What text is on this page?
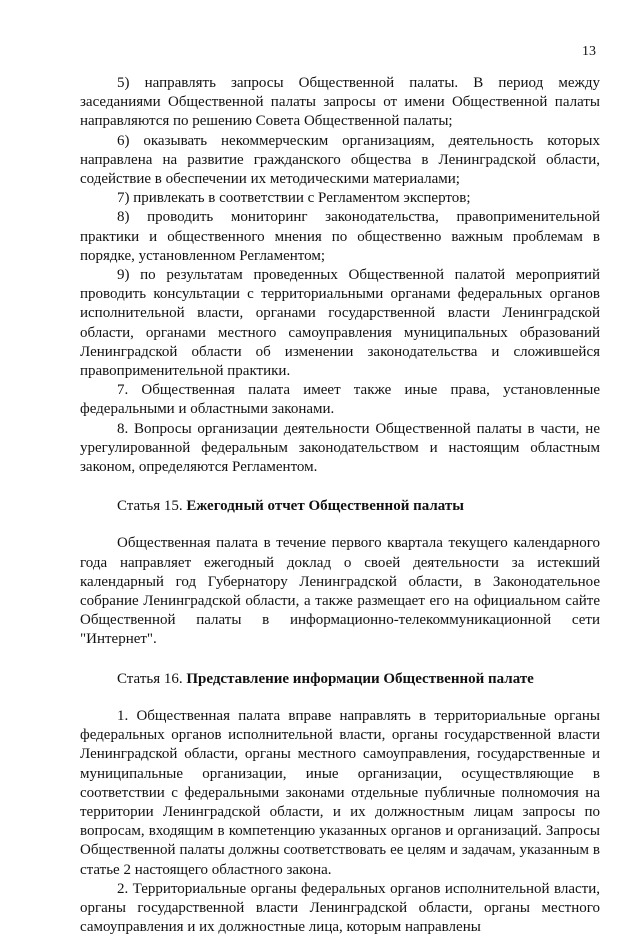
13

5) направлять запросы Общественной палаты. В период между заседаниями Общественной палаты запросы от имени Общественной палаты направляются по решению Совета Общественной палаты;

6) оказывать некоммерческим организациям, деятельность которых направлена на развитие гражданского общества в Ленинградской области, содействие в обеспечении их методическими материалами;

7) привлекать в соответствии с Регламентом экспертов;

8) проводить мониторинг законодательства, правоприменительной практики и общественного мнения по общественно важным проблемам в порядке, установленном Регламентом;

9) по результатам проведенных Общественной палатой мероприятий проводить консультации с территориальными органами федеральных органов исполнительной власти, органами государственной власти Ленинградской области, органами местного самоуправления муниципальных образований Ленинградской области об изменении законодательства и сложившейся правоприменительной практики.

7. Общественная палата имеет также иные права, установленные федеральными и областными законами.

8. Вопросы организации деятельности Общественной палаты в части, не урегулированной федеральным законодательством и настоящим областным законом, определяются Регламентом.

Статья 15. Ежегодный отчет Общественной палаты

Общественная палата в течение первого квартала текущего календарного года направляет ежегодный доклад о своей деятельности за истекший календарный год Губернатору Ленинградской области, в Законодательное собрание Ленинградской области, а также размещает его на официальном сайте Общественной палаты в информационно-телекоммуникационной сети "Интернет".

Статья 16. Представление информации Общественной палате

1. Общественная палата вправе направлять в территориальные органы федеральных органов исполнительной власти, органы государственной власти Ленинградской области, органы местного самоуправления, государственные и муниципальные организации, иные организации, осуществляющие в соответствии с федеральными законами отдельные публичные полномочия на территории Ленинградской области, и их должностным лицам запросы по вопросам, входящим в компетенцию указанных органов и организаций. Запросы Общественной палаты должны соответствовать ее целям и задачам, указанным в статье 2 настоящего областного закона.

2. Территориальные органы федеральных органов исполнительной власти, органы государственной власти Ленинградской области, органы местного самоуправления и их должностные лица, которым направлены
